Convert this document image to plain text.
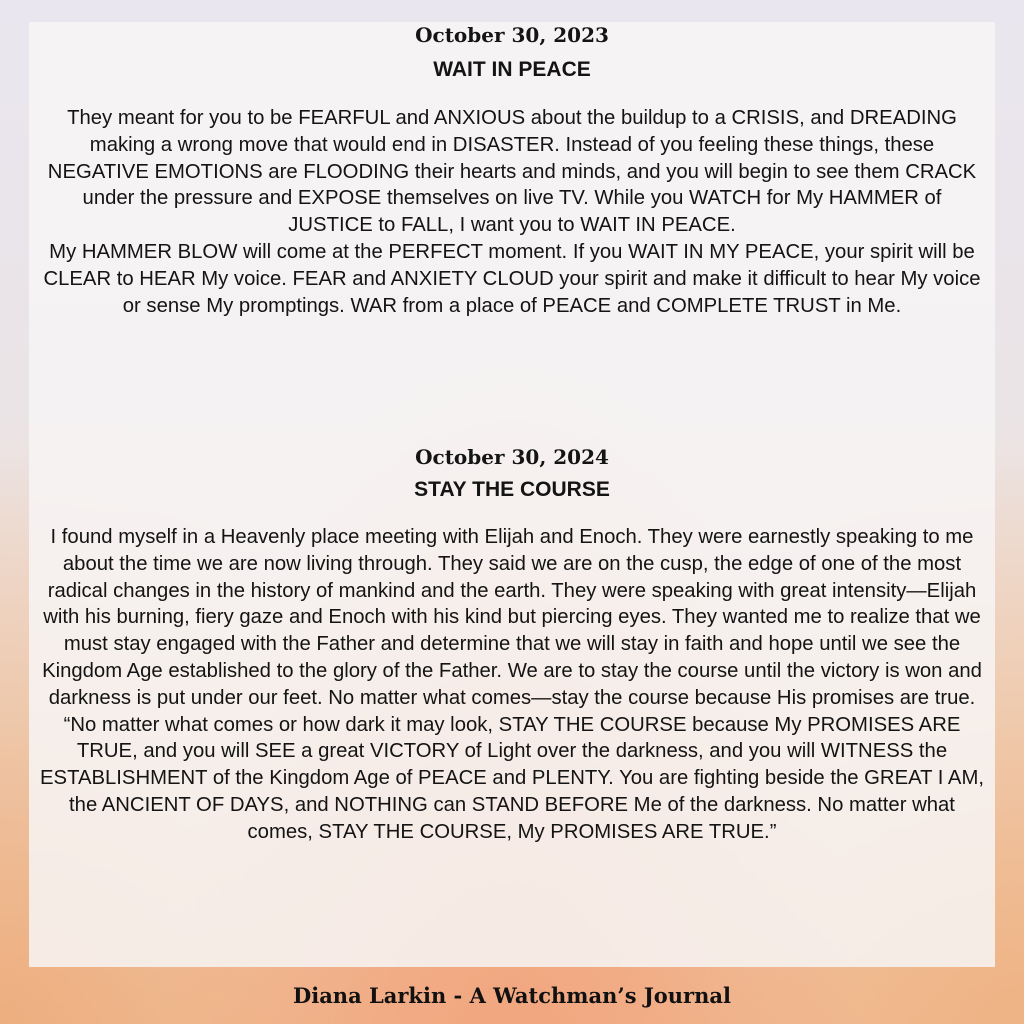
October 30, 2023
WAIT IN PEACE

They meant for you to be FEARFUL and ANXIOUS about the buildup to a CRISIS, and DREADING making a wrong move that would end in DISASTER. Instead of you feeling these things, these NEGATIVE EMOTIONS are FLOODING their hearts and minds, and you will begin to see them CRACK under the pressure and EXPOSE themselves on live TV. While you WATCH for My HAMMER of JUSTICE to FALL, I want you to WAIT IN PEACE.

My HAMMER BLOW will come at the PERFECT moment. If you WAIT IN MY PEACE, your spirit will be CLEAR to HEAR My voice. FEAR and ANXIETY CLOUD your spirit and make it difficult to hear My voice or sense My promptings. WAR from a place of PEACE and COMPLETE TRUST in Me.

October 30, 2024
STAY THE COURSE

I found myself in a Heavenly place meeting with Elijah and Enoch. They were earnestly speaking to me about the time we are now living through. They said we are on the cusp, the edge of one of the most radical changes in the history of mankind and the earth. They were speaking with great intensity—Elijah with his burning, fiery gaze and Enoch with his kind but piercing eyes. They wanted me to realize that we must stay engaged with the Father and determine that we will stay in faith and hope until we see the Kingdom Age established to the glory of the Father. We are to stay the course until the victory is won and darkness is put under our feet. No matter what comes—stay the course because His promises are true. “No matter what comes or how dark it may look, STAY THE COURSE because My PROMISES ARE TRUE, and you will SEE a great VICTORY of Light over the darkness, and you will WITNESS the ESTABLISHMENT of the Kingdom Age of PEACE and PLENTY. You are fighting beside the GREAT I AM, the ANCIENT OF DAYS, and NOTHING can STAND BEFORE Me of the darkness. No matter what comes, STAY THE COURSE, My PROMISES ARE TRUE.”

Diana Larkin - A Watchman’s Journal
